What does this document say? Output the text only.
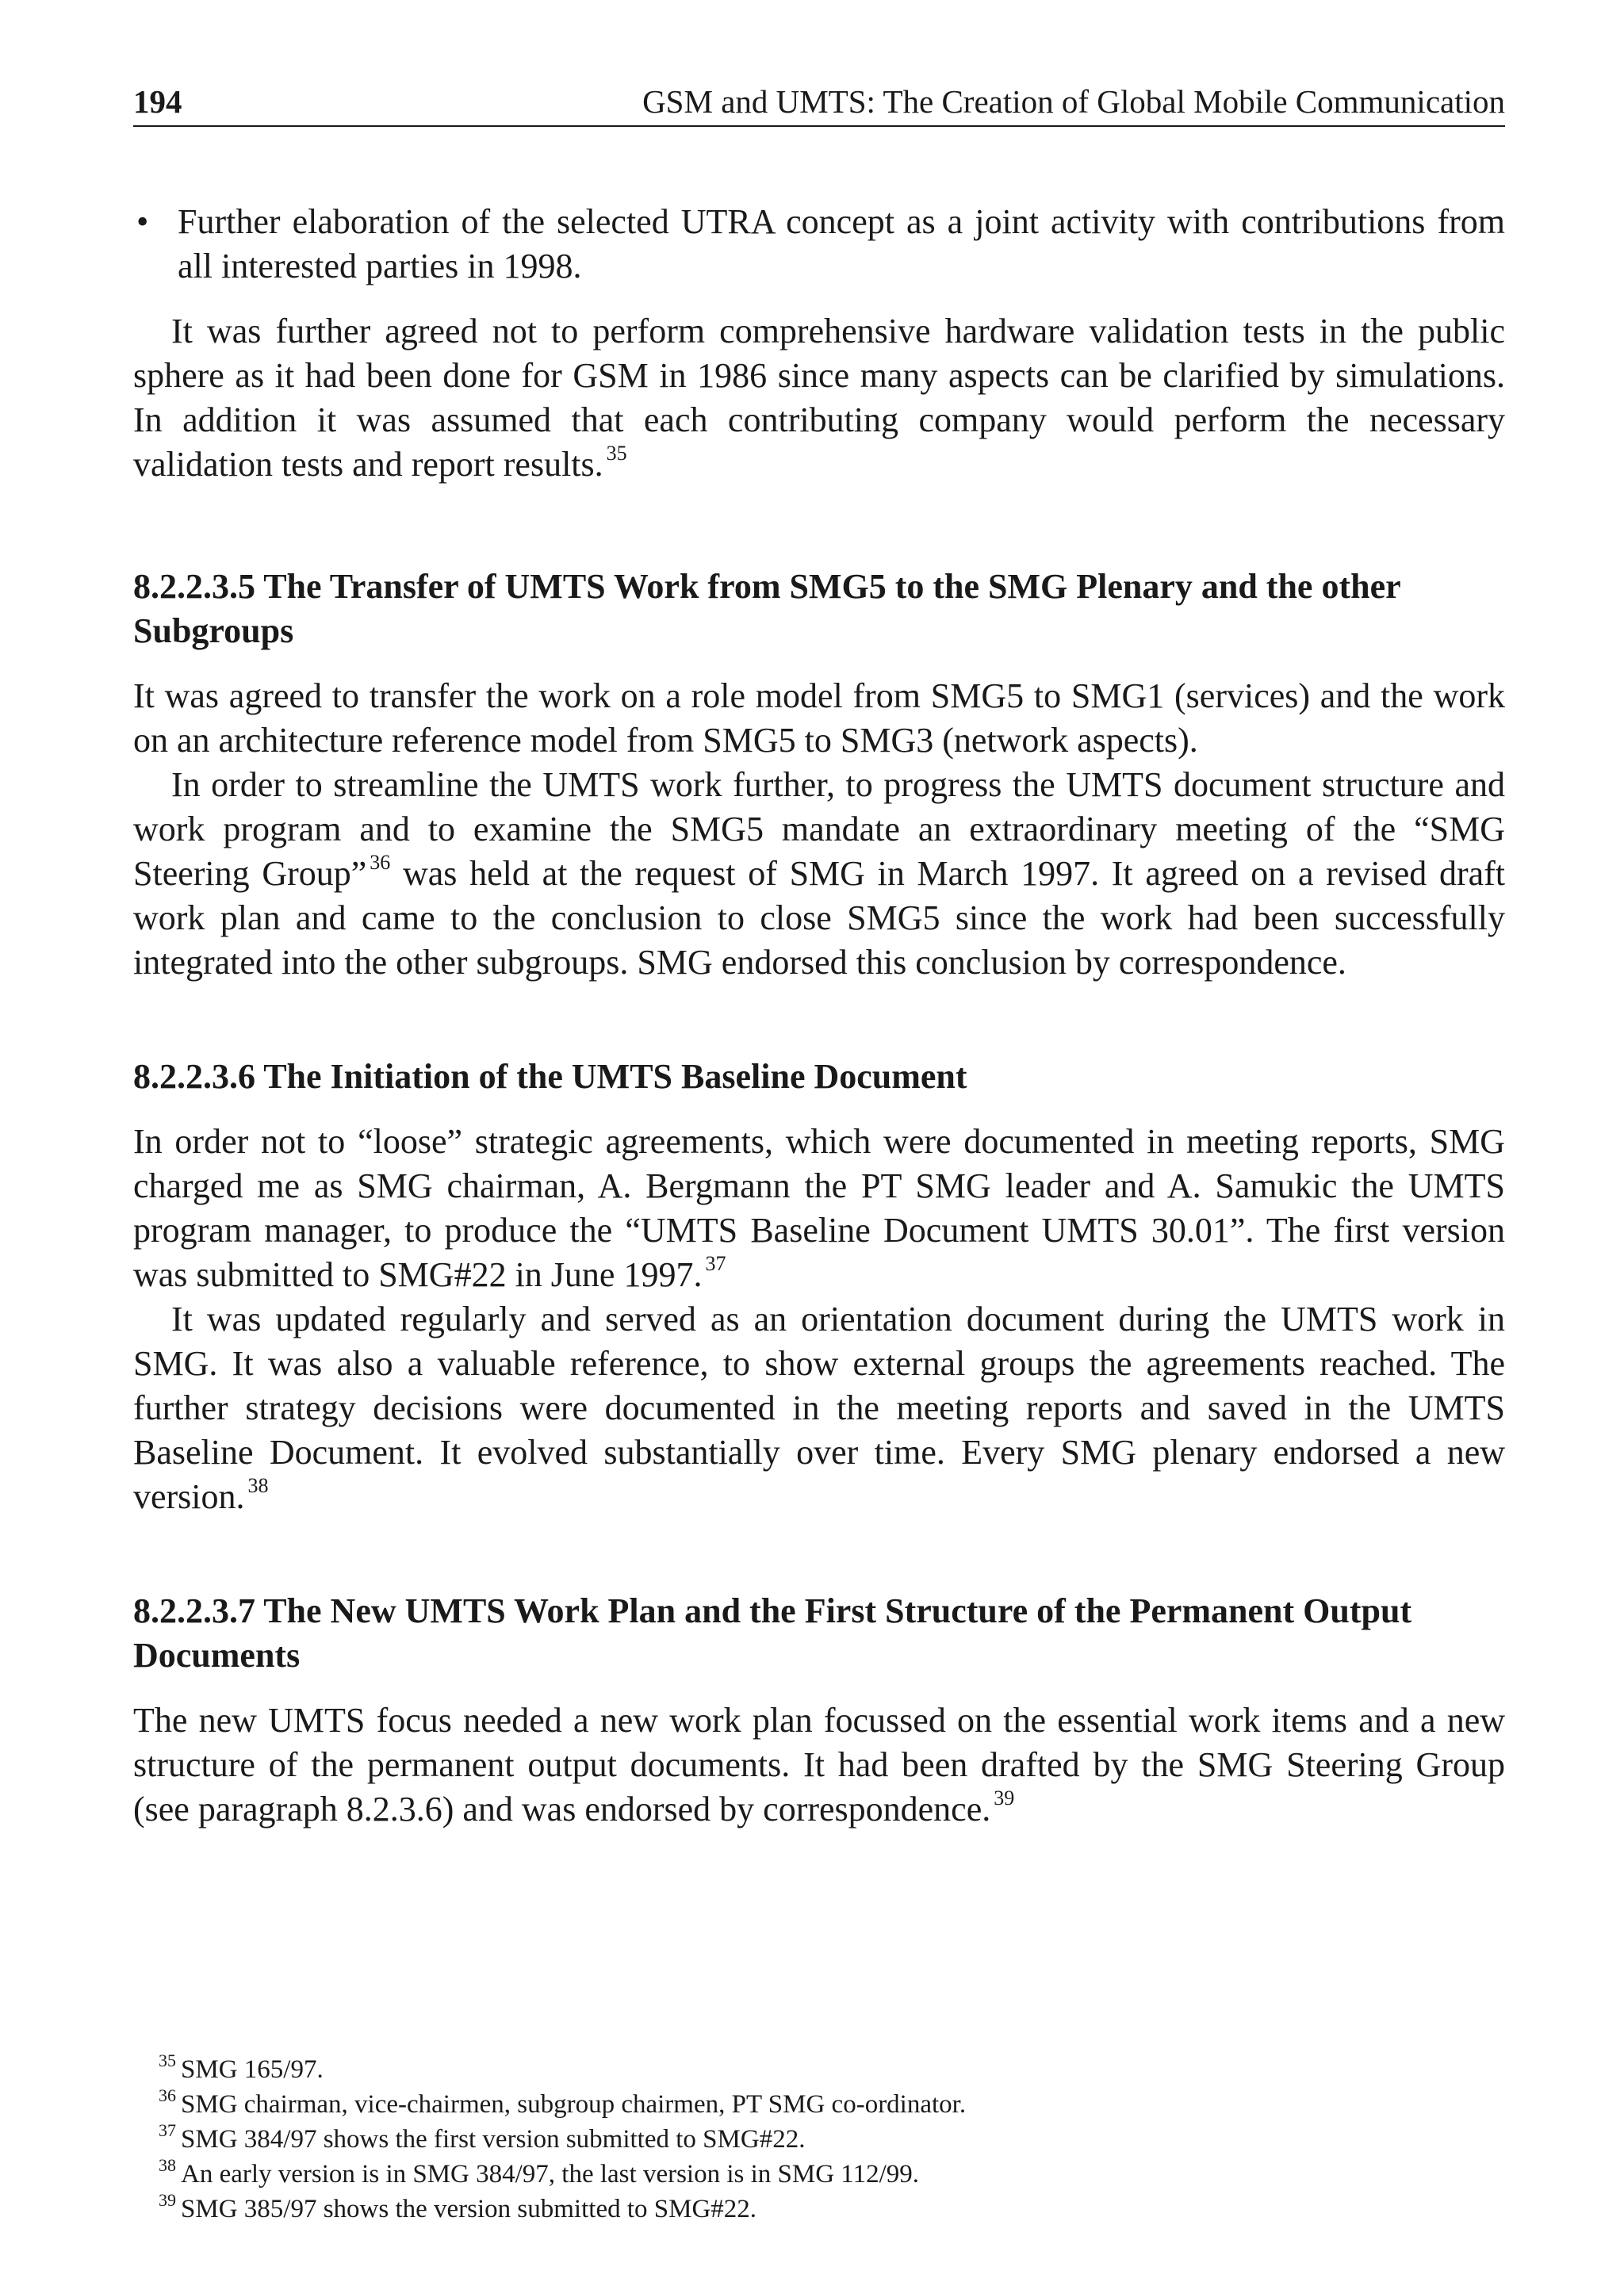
194	GSM and UMTS: The Creation of Global Mobile Communication
• Further elaboration of the selected UTRA concept as a joint activity with contributions from all interested parties in 1998.

It was further agreed not to perform comprehensive hardware validation tests in the public sphere as it had been done for GSM in 1986 since many aspects can be clarified by simulations. In addition it was assumed that each contributing company would perform the necessary validation tests and report results. $^{35}$

8.2.2.3.5 The Transfer of UMTS Work from SMG5 to the SMG Plenary and the other Subgroups

It was agreed to transfer the work on a role model from SMG5 to SMG1 (services) and the work on an architecture reference model from SMG5 to SMG3 (network aspects).

In order to streamline the UMTS work further, to progress the UMTS document structure and work program and to examine the SMG5 mandate an extraordinary meeting of the “SMG Steering Group” $^{36}$ was held at the request of SMG in March 1997. It agreed on a revised draft work plan and came to the conclusion to close SMG5 since the work had been successfully integrated into the other subgroups. SMG endorsed this conclusion by correspondence.

8.2.2.3.6 The Initiation of the UMTS Baseline Document

In order not to “loose” strategic agreements, which were documented in meeting reports, SMG charged me as SMG chairman, A. Bergmann the PT SMG leader and A. Samukic the UMTS program manager, to produce the “UMTS Baseline Document UMTS 30.01”. The first version was submitted to SMG#22 in June 1997. $^{37}$

It was updated regularly and served as an orientation document during the UMTS work in SMG. It was also a valuable reference, to show external groups the agreements reached. The further strategy decisions were documented in the meeting reports and saved in the UMTS Baseline Document. It evolved substantially over time. Every SMG plenary endorsed a new version. $^{38}$

8.2.2.3.7 The New UMTS Work Plan and the First Structure of the Permanent Output Documents

The new UMTS focus needed a new work plan focussed on the essential work items and a new structure of the permanent output documents. It had been drafted by the SMG Steering Group (see paragraph 8.2.3.6) and was endorsed by correspondence. $^{39}$

$^{35}$ SMG 165/97.

$^{36}$ SMG chairman, vice-chairmen, subgroup chairmen, PT SMG co-ordinator.

$^{37}$ SMG 384/97 shows the first version submitted to SMG#22.

$^{38}$ An early version is in SMG 384/97, the last version is in SMG 112/99.

$^{39}$ SMG 385/97 shows the version submitted to SMG#22.
